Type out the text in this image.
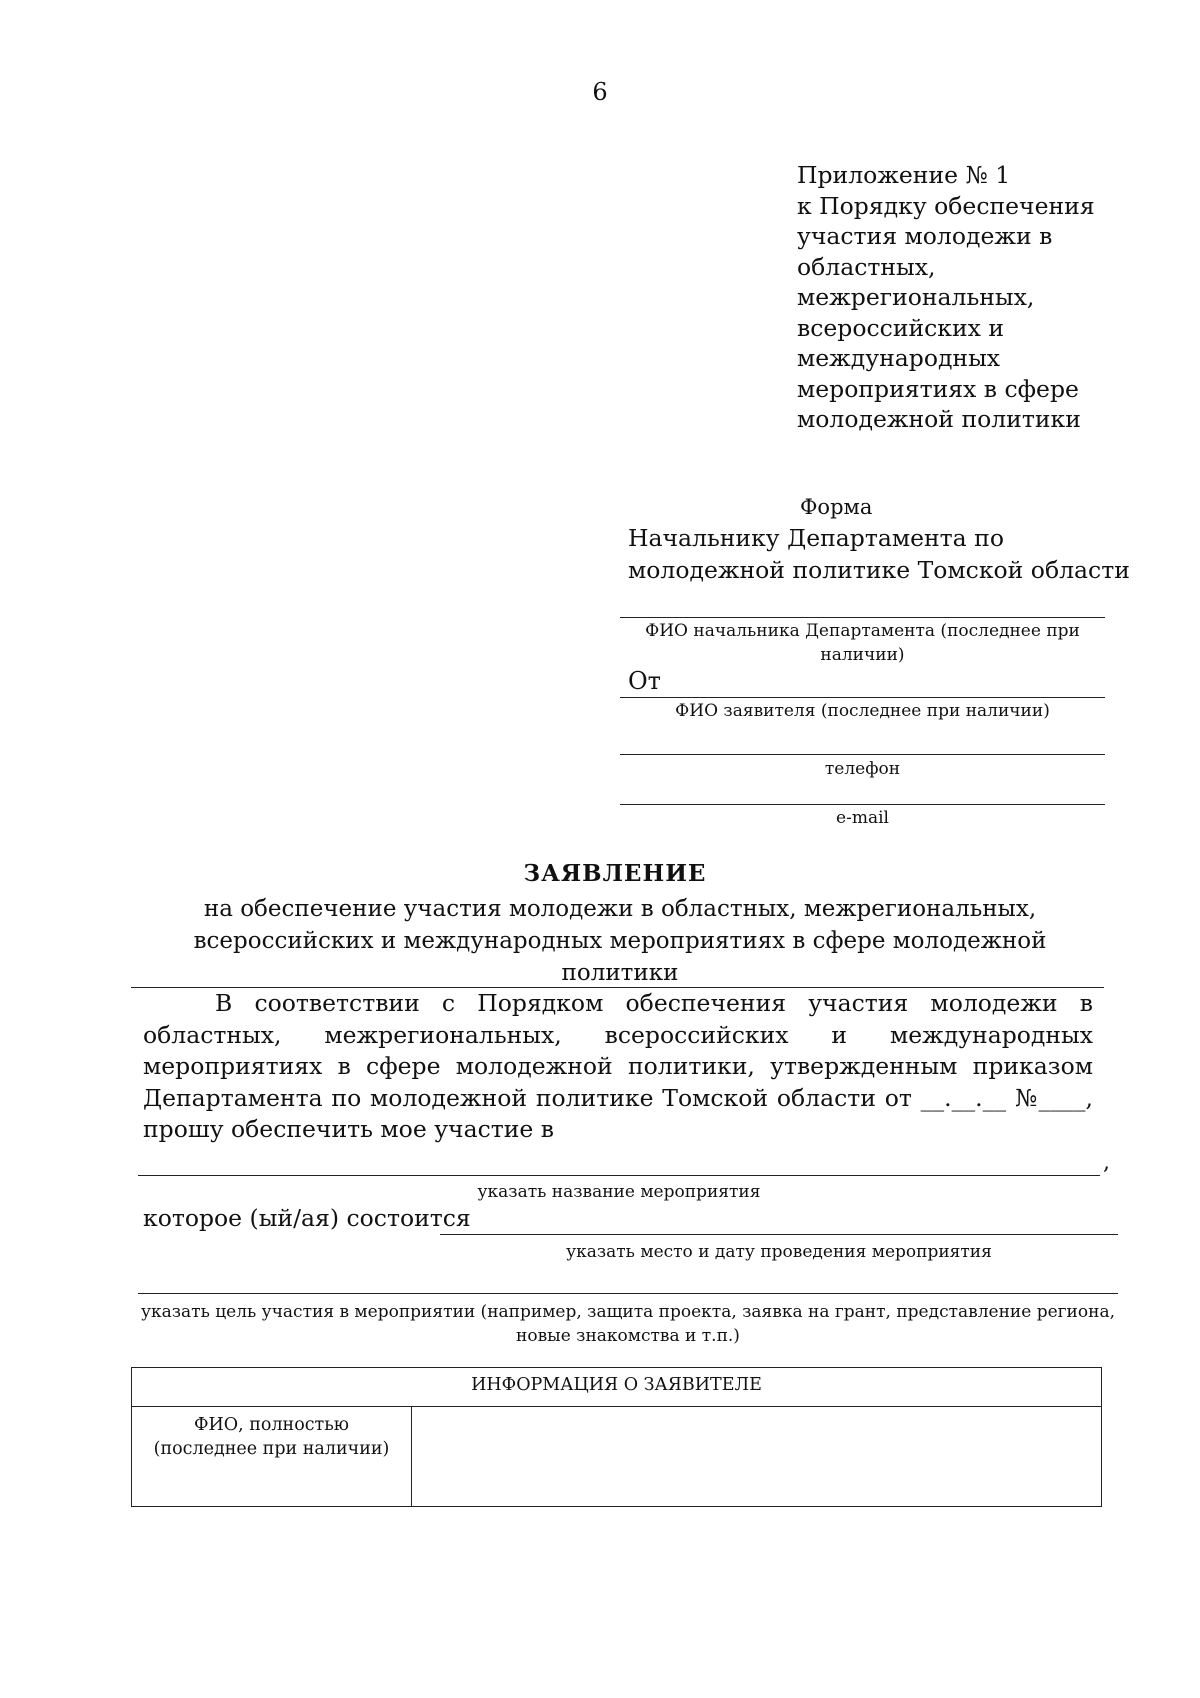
6
Приложение № 1
к Порядку обеспечения
участия молодежи в
областных,
межрегиональных,
всероссийских и
международных
мероприятиях в сфере
молодежной политики
Форма
Начальнику Департамента по
молодежной политике Томской области
ФИО начальника Департамента (последнее при
наличии)
От
ФИО заявителя (последнее при наличии)
телефон
e-mail
ЗАЯВЛЕНИЕ
на обеспечение участия молодежи в областных, межрегиональных, всероссийских и международных мероприятиях в сфере молодежной политики
В соответствии с Порядком обеспечения участия молодежи в областных, межрегиональных, всероссийских и международных мероприятиях в сфере молодежной политики, утвержденным приказом Департамента по молодежной политике Томской области от __.__.__ №____, прошу обеспечить мое участие в
,
указать название мероприятия
которое (ый/ая) состоится
указать место и дату проведения мероприятия
указать цель участия в мероприятии (например, защита проекта, заявка на грант, представление региона, новые знакомства и т.п.)
ИНФОРМАЦИЯ О ЗАЯВИТЕЛЕ
ФИО, полностью (последнее при наличии)	
